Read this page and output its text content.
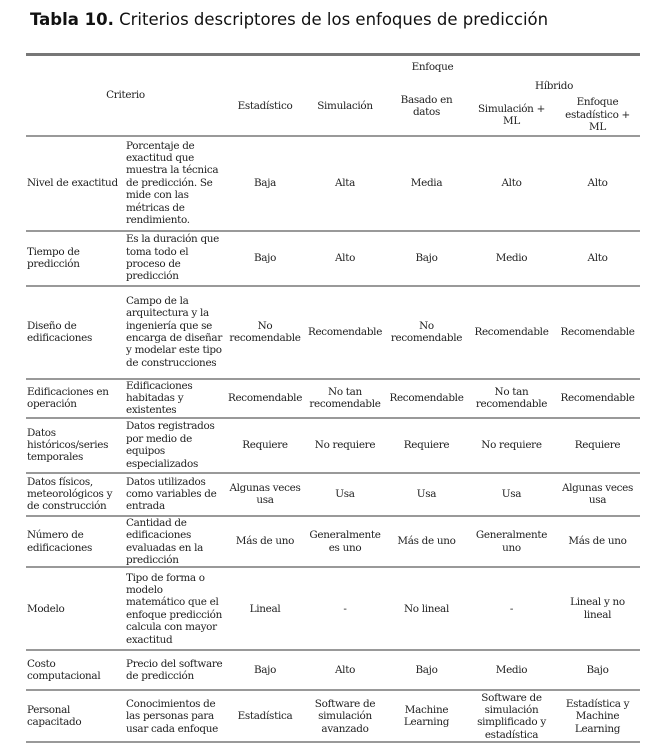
Tabla 10. Criterios descriptores de los enfoques de predicción
Criterio		Enfoque				
		Estadístico	Simulación	Basado en datos	Híbrido	
					Simulación + ML	Enfoque estadístico + ML
Nivel de exactitud	Porcentaje de exactitud que muestra la técnica de predicción. Se mide con las métricas de rendimiento.	Baja	Alta	Media	Alto	Alto
Tiempo de predicción	Es la duración que toma todo el proceso de predicción	Bajo	Alto	Bajo	Medio	Alto
Diseño de edificaciones	Campo de la arquitectura y la ingeniería que se encarga de diseñar y modelar este tipo de construcciones	No recomendable	Recomendable	No recomendable	Recomendable	Recomendable
Edificaciones en operación	Edificaciones habitadas y existentes	Recomendable	No tan recomendable	Recomendable	No tan recomendable	Recomendable
Datos históricos/series temporales	Datos registrados por medio de equipos especializados	Requiere	No requiere	Requiere	No requiere	Requiere
Datos físicos, meteorológicos y de construcción	Datos utilizados como variables de entrada	Algunas veces usa	Usa	Usa	Usa	Algunas veces usa
Número de edificaciones	Cantidad de edificaciones evaluadas en la predicción	Más de uno	Generalmente es uno	Más de uno	Generalmente uno	Más de uno
Modelo	Tipo de forma o modelo matemático que el enfoque predicción calcula con mayor exactitud	Lineal	-	No lineal	-	Lineal y no lineal
Costo computacional	Precio del software de predicción	Bajo	Alto	Bajo	Medio	Bajo
Personal capacitado	Conocimientos de las personas para usar cada enfoque	Estadística	Software de simulación avanzado	Machine Learning	Software de simulación simplificado y estadística	Estadística y Machine Learning
